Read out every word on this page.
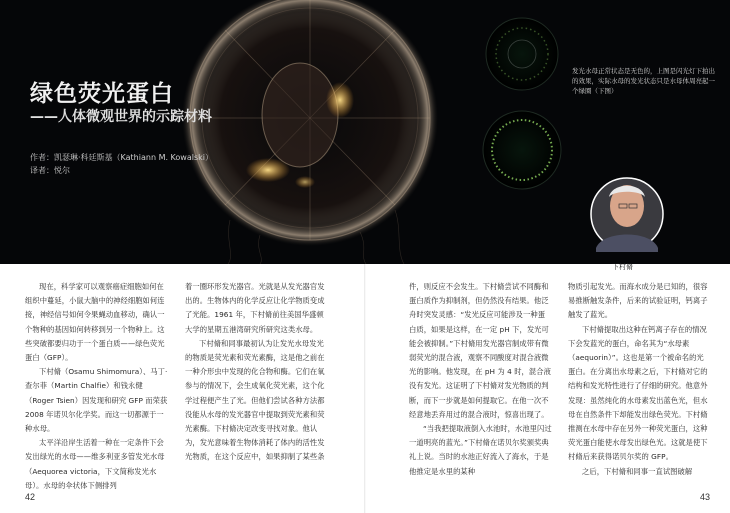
绿色荧光蛋白
——人体微观世界的示踪材料
作者：凯瑟琳·科廷斯基（Kathiann M. Kowalski）
译者：悦尔
发光水母正常状态是无色的，上图是闪光灯下拍出的效果，实际水母的发光状态只是水母体周亮起一个绿圈（下图）
下村脩

现在，科学家可以观察癌症细胞如何在组织中蔓延，小鼠大脑中的神经细胞如何连接，神经信号如何令果蝇动血移动，确认一个物种的基因如何转移到另一个物种上。这些突破都要归功于一个蛋白质——绿色荧光蛋白（GFP）。

下村脩（Osamu Shimomura）、马丁·查尔菲（Martin Chalfie）和钱永健（Roger Tsien）因发现和研究 GFP 而荣获 2008 年诺贝尔化学奖。而这一切都源于一种水母。

太平洋沿岸生活着一种在一定条件下会发出绿光的水母——维多利亚多管发光水母（Aequorea victoria，下文简称发光水母）。水母的伞状体下侧排列

着一圈环形发光器官。光就是从发光器官发出的。生物体内的化学反应让化学物质变成了光能。1961 年，下村脩前往美国华盛顿大学的星期五港湾研究所研究这类水母。

下村脩和同事最初认为让发光水母发光的物质是荧光素和荧光素酶，这是他之前在一种介形虫中发现的化合物和酶。它们在氧参与的情况下，会生成氧化荧光素，这个化学过程便产生了光。但他们尝试各种方法都没能从水母的发光器官中提取到荧光素和荧光素酶。下村脩决定改变寻找对象。他认为，发光意味着生物体消耗了体内的活性发光物质，在这个反应中，如果抑制了某些条

件，则反应不会发生。下村脩尝试不同酶和蛋白质作为抑制剂，但仍然没有结果。他泛舟时突发灵感：“发光反应可能涉及一种蛋白质，如果是这样，在一定 pH 下，发光可能会被抑制。”下村脩用发光器官制成带有微弱荧光的混合液，观察不同酸度对混合液微光的影响。他发现，在 pH 为 4 时，混合液没有发光。这证明了下村脩对发光物质的判断，而下一步就是如何提取它。在他一次不经意地丢弃用过的混合液时，惊喜出现了。

“当我把提取液倒入水池时，水池里闪过一道明亮的蓝光。”下村脩在诺贝尔奖颁奖典礼上说。当时的水池正好流入了海水，于是他推定是水里的某种

物质引起发光。而海水成分是已知的，很容易推断触发条件，后来的试验证明，钙离子触发了蓝光。

下村脩提取出这种在钙离子存在的情况下会发蓝光的蛋白，命名其为“水母素（aequorin）”。这也是第一个被命名的光蛋白。在分离出水母素之后，下村脩对它的结构和发光特性进行了仔细的研究。他意外发现：虽然纯化的水母素发出蓝色光，但水母在自然条件下却能发出绿色荧光。下村脩推测在水母中存在另外一种荧光蛋白，这种荧光蛋白能使水母发出绿色光。这就是使下村脩后来获得诺贝尔奖的 GFP。

之后，下村脩和同事一直试图破解

42	43
